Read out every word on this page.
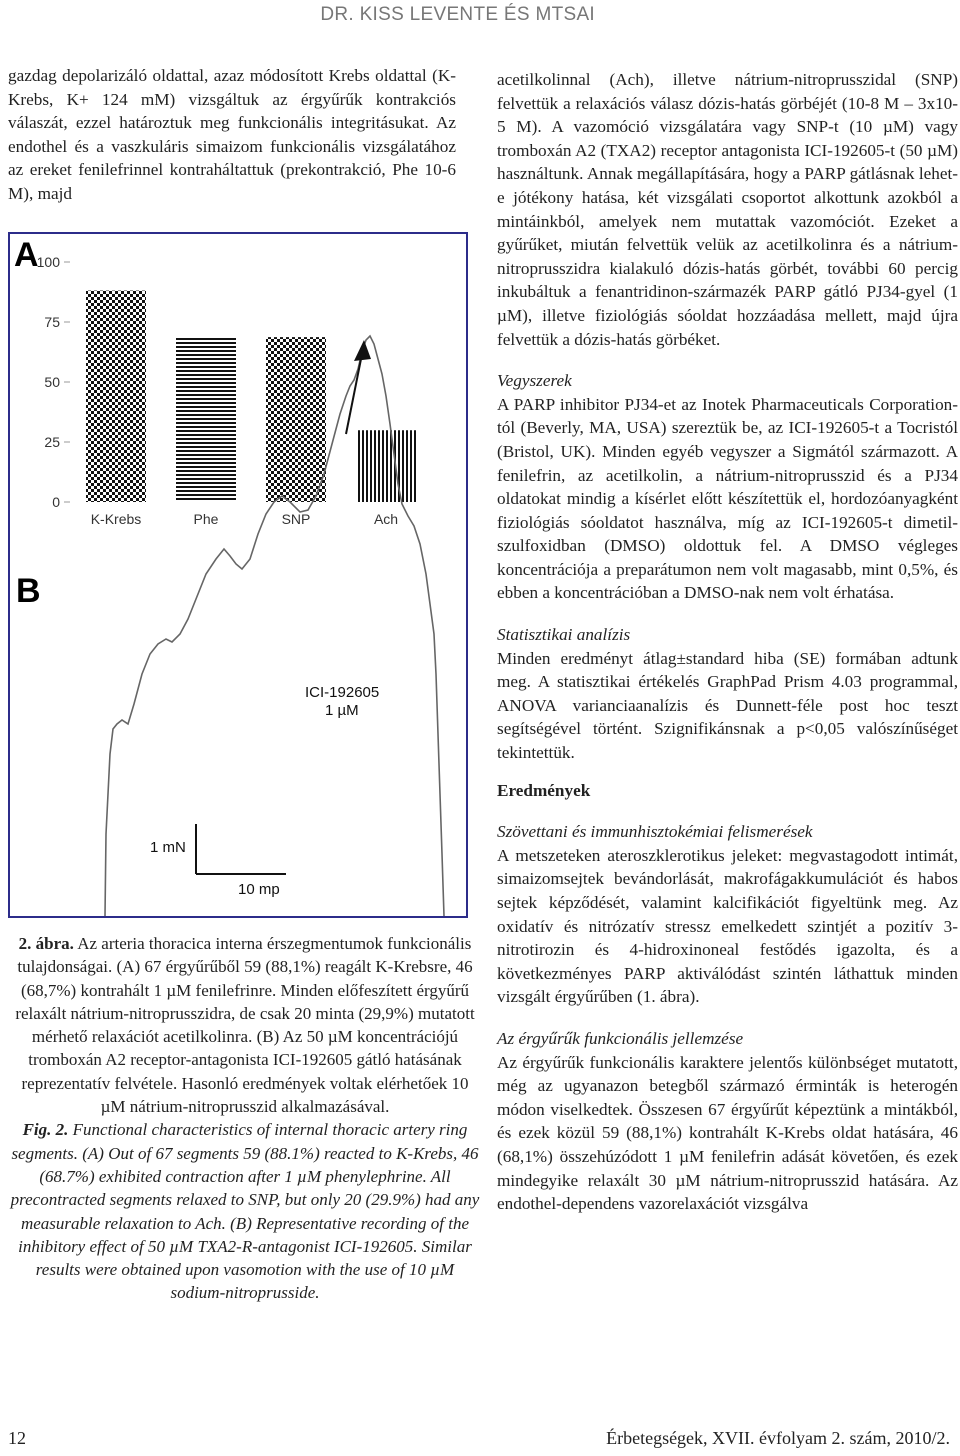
DR. KISS LEVENTE ÉS MTSAI

gazdag depolarizáló oldattal, azaz módosított Krebs oldattal (K-Krebs, K+ 124 mM) vizsgáltuk az érgyűrűk kontrakciós válaszát, ezzel határoztuk meg funkcionális integritásukat. Az endothel és a vaszkuláris simaizom funkcionális vizsgálatához az ereket fenilefrinnel kontraháltattuk (prekontrakció, Phe 10-6 M), majd

A
0
25
50
75
100
K-Krebs	Phe	SNP	Ach
B
ICI-192605
1 µM
1 mN
10 mp

2. ábra. Az arteria thoracica interna érszegmentumok funkcionális tulajdonságai. (A) 67 érgyűrűből 59 (88,1%) reagált K-Krebsre, 46 (68,7%) kontrahált 1 µM fenilefrinre. Minden előfeszített érgyűrű relaxált nátrium-nitroprusszidra, de csak 20 minta (29,9%) mutatott mérhető relaxációt acetilkolinra. (B) Az 50 µM koncentrációjú tromboxán A2 receptor-antagonista ICI-192605 gátló hatásának reprezentatív felvétele. Hasonló eredmények voltak elérhetőek 10 µM nátrium-nitroprusszid alkalmazásával.

Fig. 2. Functional characteristics of internal thoracic artery ring segments. (A) Out of 67 segments 59 (88.1%) reacted to K-Krebs, 46 (68.7%) exhibited contraction after 1 µM phenylephrine. All precontracted segments relaxed to SNP, but only 20 (29.9%) had any measurable relaxation to Ach. (B) Representative recording of the inhibitory effect of 50 µM TXA2-R-antagonist ICI-192605. Similar results were obtained upon vasomotion with the use of 10 µM sodium-nitroprusside.

acetilkolinnal (Ach), illetve nátrium-nitroprusszidal (SNP) felvettük a relaxációs válasz dózis-hatás görbéjét (10-8 M – 3x10-5 M). A vazomóció vizsgálatára vagy SNP-t (10 µM) vagy tromboxán A2 (TXA2) receptor antagonista ICI-192605-t (50 µM) használtunk. Annak megállapítására, hogy a PARP gátlásnak lehet-e jótékony hatása, két vizsgálati csoportot alkottunk azokból a mintáinkból, amelyek nem mutattak vazomóciót. Ezeket a gyűrűket, miután felvettük velük az acetilkolinra és a nátrium-nitroprusszidra kialakuló dózis-hatás görbét, további 60 percig inkubáltuk a fenantridinon-származék PARP gátló PJ34-gyel (1 µM), illetve fiziológiás sóoldat hozzáadása mellett, majd újra felvettük a dózis-hatás görbéket.

Vegyszerek

A PARP inhibitor PJ34-et az Inotek Pharmaceuticals Corporation-tól (Beverly, MA, USA) szereztük be, az ICI-192605-t a Tocristól (Bristol, UK). Minden egyéb vegyszer a Sigmától származott. A fenilefrin, az acetilkolin, a nátrium-nitroprusszid és a PJ34 oldatokat mindig a kísérlet előtt készítettük el, hordozóanyagként fiziológiás sóoldatot használva, míg az ICI-192605-t dimetil-szulfoxidban (DMSO) oldottuk fel. A DMSO végleges koncentrációja a preparátumon nem volt magasabb, mint 0,5%, és ebben a koncentrációban a DMSO-nak nem volt érhatása.

Statisztikai analízis

Minden eredményt átlag±standard hiba (SE) formában adtunk meg. A statisztikai értékelés GraphPad Prism 4.03 programmal, ANOVA varianciaanalízis és Dunnett-féle post hoc teszt segítségével történt. Szignifikánsnak a p<0,05 valószínűséget tekintettük.

Eredmények

Szövettani és immunhisztokémiai felismerések

A metszeteken ateroszklerotikus jeleket: megvastagodott intimát, simaizomsejtek bevándorlását, makrofágakkumulációt és habos sejtek képződését, valamint kalcifikációt figyeltünk meg. Az oxidatív és nitrózatív stressz emelkedett szintjét a pozitív 3-nitrotirozin és 4-hidroxinoneal festődés igazolta, és a következményes PARP aktiválódást szintén láthattuk minden vizsgált érgyűrűben (1. ábra).

Az érgyűrűk funkcionális jellemzése

Az érgyűrűk funkcionális karaktere jelentős különbséget mutatott, még az ugyanazon betegből származó érminták is heterogén módon viselkedtek. Összesen 67 érgyűrűt képeztünk a mintákból, és ezek közül 59 (88,1%) kontrahált K-Krebs oldat hatására, 46 (68,1%) összehúzódott 1 µM fenilefrin adását követően, és ezek mindegyike relaxált 30 µM nátrium-nitroprusszid hatására. Az endothel-dependens vazorelaxációt vizsgálva

12	Érbetegségek, XVII. évfolyam 2. szám, 2010/2.
